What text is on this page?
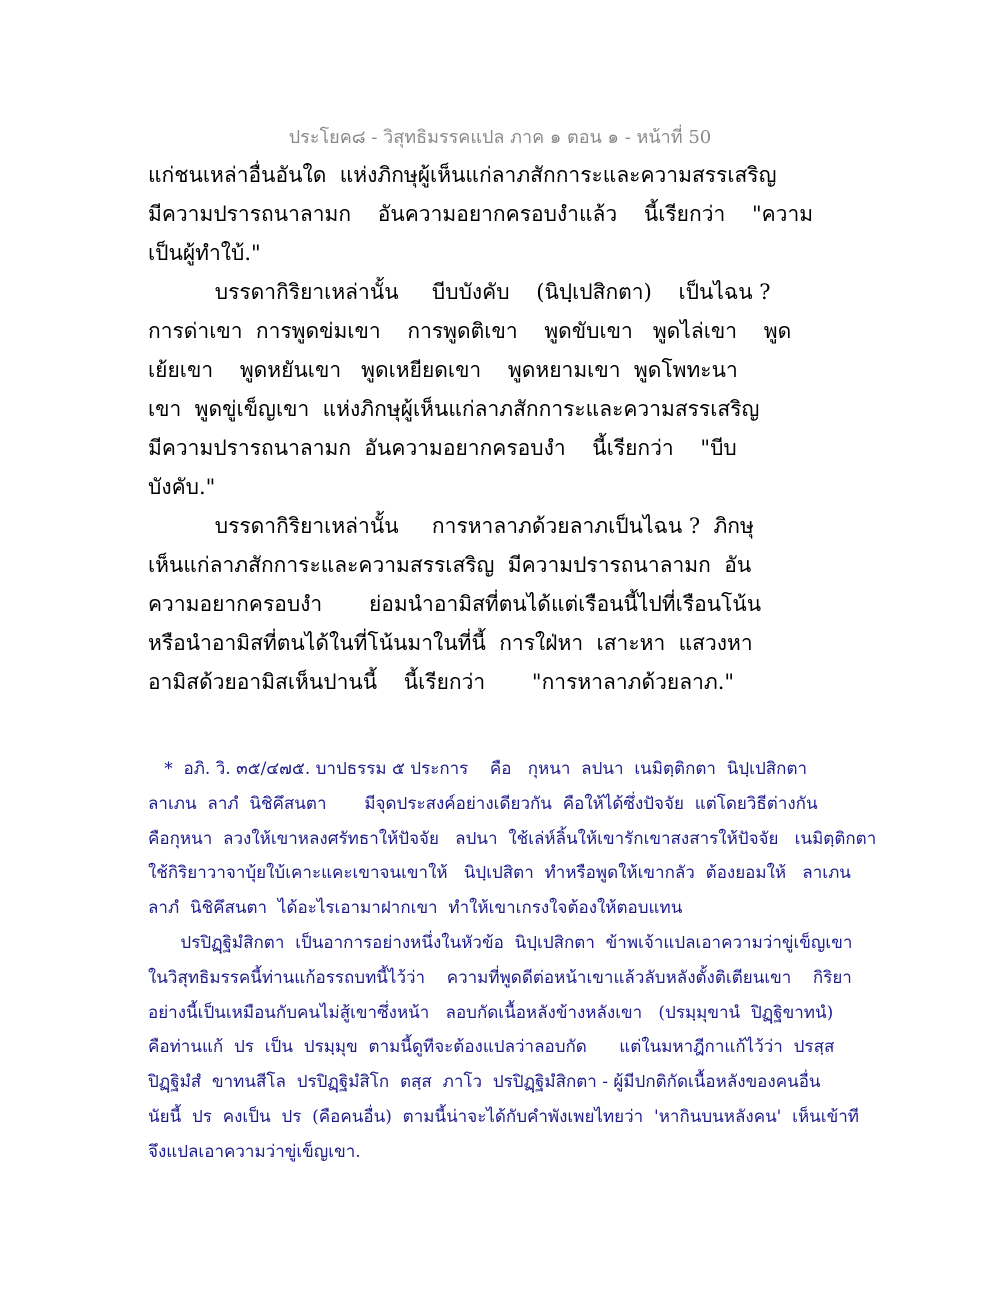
ประโยค๘ - วิสุทธิมรรคแปล ภาค ๑ ตอน ๑ - หน้าที่ 50
แก่ชนเหล่าอื่นอันใด  แห่งภิกษุผู้เห็นแก่ลาภสักการะและความสรรเสริญ
มีความปรารถนาลามก    อันความอยากครอบงำแล้ว    นี้เรียกว่า    "ความ
เป็นผู้ทำใบ้."
บรรดากิริยาเหล่านั้น     บีบบังคับ    (นิปฺเปสิกตา)    เป็นไฉน ?
การด่าเขา  การพูดข่มเขา    การพูดติเขา    พูดขับเขา   พูดไล่เขา    พูด
เย้ยเขา    พูดหยันเขา   พูดเหยียดเขา    พูดหยามเขา  พูดโพทะนา
เขา  พูดขู่เข็ญเขา  แห่งภิกษุผู้เห็นแก่ลาภสักการะและความสรรเสริญ
มีความปรารถนาลามก  อันความอยากครอบงำ    นี้เรียกว่า    "บีบ
บังคับ."
บรรดากิริยาเหล่านั้น     การหาลาภด้วยลาภเป็นไฉน ?  ภิกษุ
เห็นแก่ลาภสักการะและความสรรเสริญ  มีความปรารถนาลามก  อัน
ความอยากครอบงำ       ย่อมนำอามิสที่ตนได้แต่เรือนนี้ไปที่เรือนโน้น
หรือนำอามิสที่ตนได้ในที่โน้นมาในที่นี้  การใฝ่หา  เสาะหา  แสวงหา
อามิสด้วยอามิสเห็นปานนี้    นี้เรียกว่า       "การหาลาภด้วยลาภ."
*  อภิ. วิ. ๓๕/๔๗๕. บาปธรรม ๕ ประการ    คือ   กุหนา  ลปนา  เนมิตฺติกตา  นิปฺเปสิกตา
ลาเภน  ลาภํ  นิชิคึสนตา       มีจุดประสงค์อย่างเดียวกัน  คือให้ได้ซึ่งปัจจัย  แต่โดยวิธีต่างกัน
คือกุหนา  ลวงให้เขาหลงศรัทธาให้ปัจจัย   ลปนา  ใช้เล่ห์ลิ้นให้เขารักเขาสงสารให้ปัจจัย   เนมิตฺติกตา
ใช้กิริยาวาจาบุ้ยใบ้เคาะแคะเขาจนเขาให้   นิปฺเปสิตา  ทำหรือพูดให้เขากลัว  ต้องยอมให้   ลาเภน
ลาภํ  นิชิคึสนตา  ได้อะไรเอามาฝากเขา  ทำให้เขาเกรงใจต้องให้ตอบแทน
ปรปิฏฺฐิมํสิกตา  เป็นอาการอย่างหนึ่งในหัวข้อ  นิปฺเปสิกตา  ข้าพเจ้าแปลเอาความว่าขู่เข็ญเขา
ในวิสุทธิมรรคนี้ท่านแก้อรรถบทนี้ไว้ว่า    ความที่พูดดีต่อหน้าเขาแล้วลับหลังตั้งติเตียนเขา    กิริยา
อย่างนี้เป็นเหมือนกับคนไม่สู้เขาซึ่งหน้า   ลอบกัดเนื้อหลังข้างหลังเขา   (ปรมฺมุขานํ  ปิฏฺฐิขาทนํ)
คือท่านแก้  ปร  เป็น  ปรมฺมุข  ตามนี้ดูทีจะต้องแปลว่าลอบกัด      แต่ในมหาฎีกาแก้ไว้ว่า  ปรสฺส
ปิฏฺฐิมํสํ  ขาทนสีโล  ปรปิฏฺฐิมํสิโก  ตสฺส  ภาโว  ปรปิฏฺฐิมํสิกตา - ผู้มีปกติกัดเนื้อหลังของคนอื่น
นัยนี้  ปร  คงเป็น  ปร  (คือคนอื่น)  ตามนี้น่าจะได้กับคำพังเพยไทยว่า  'หากินบนหลังคน'  เห็นเข้าที
จึงแปลเอาความว่าขู่เข็ญเขา.
